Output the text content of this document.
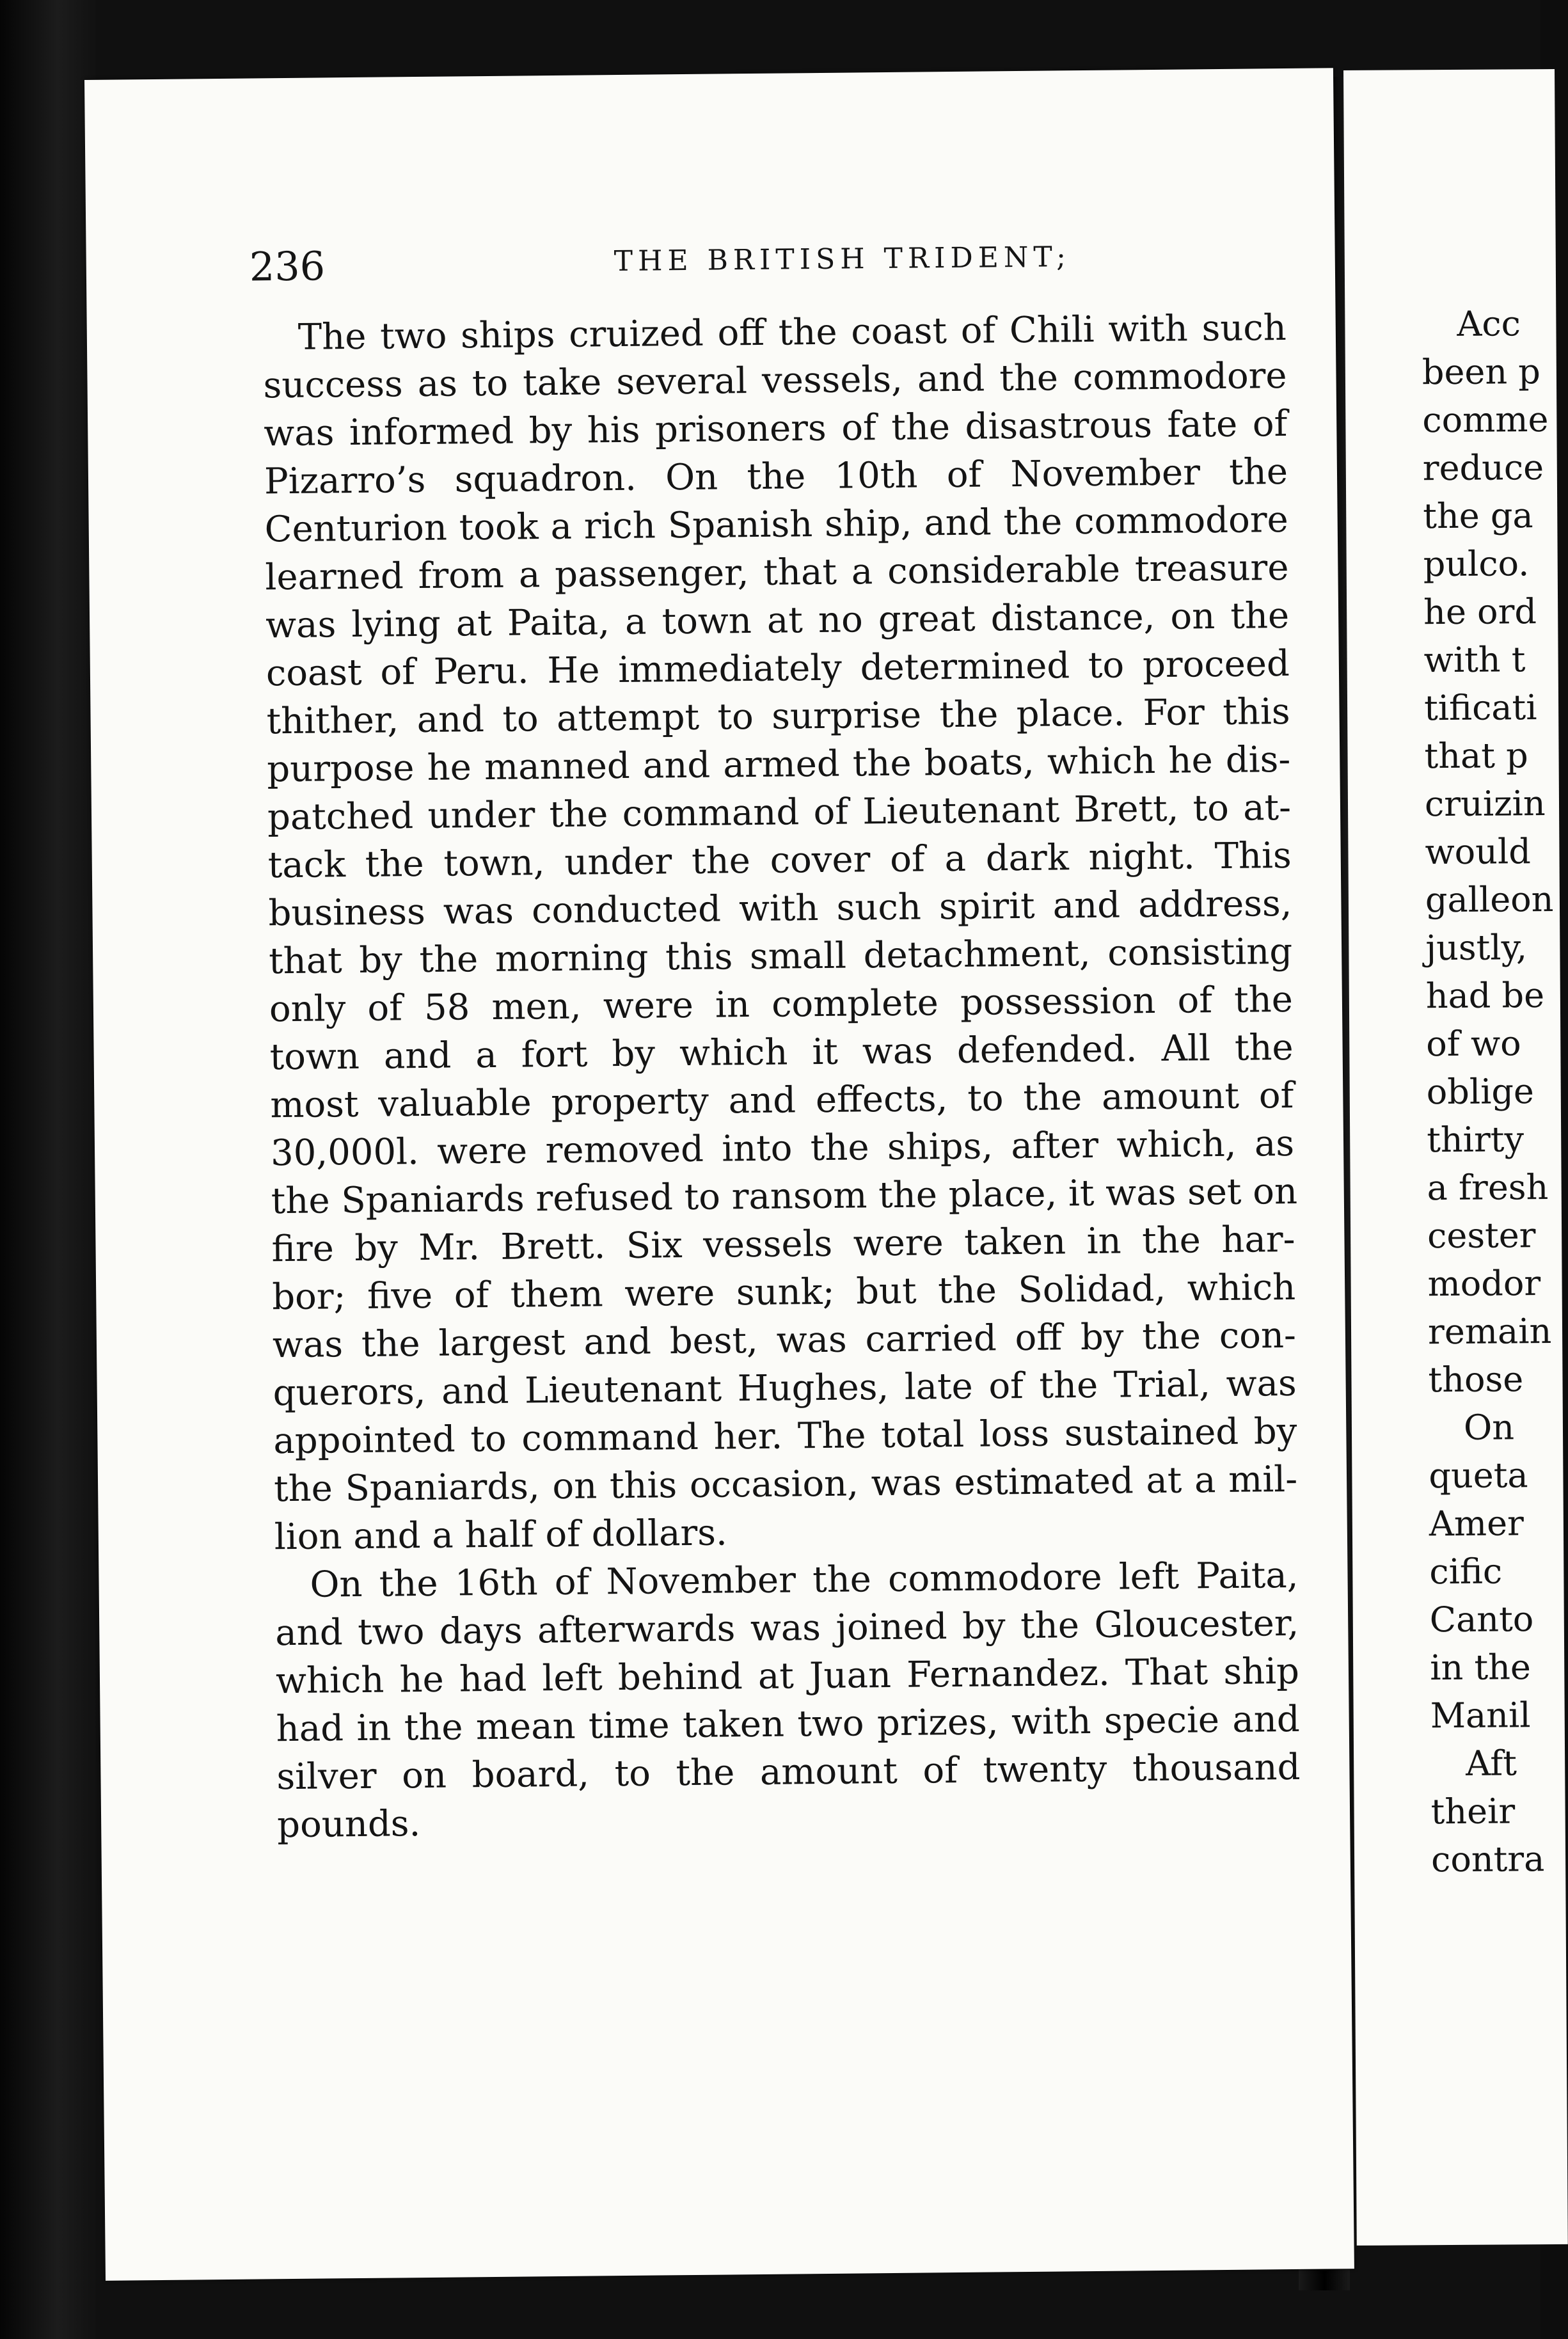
Acc
been p
comme
reduce
the ga
pulco.
he ord
with t
tificati
that p
cruizin
would
galleon
justly,
had be
of wo
oblige
thirty
a fresh
cester
modor
remain
those
On
queta
Amer
cific
Canto
in the
Manil
Aft
their
contra
236	THE BRITISH TRIDENT;
The two ships cruized off the coast of Chili with such
success as to take several vessels, and the commodore
was informed by his prisoners of the disastrous fate of
Pizarro’s squadron. On the 10th of November the
Centurion took a rich Spanish ship, and the commodore
learned from a passenger, that a considerable treasure
was lying at Paita, a town at no great distance, on the
coast of Peru. He immediately determined to proceed
thither, and to attempt to surprise the place. For this
purpose he manned and armed the boats, which he dis-
patched under the command of Lieutenant Brett, to at-
tack the town, under the cover of a dark night. This
business was conducted with such spirit and address,
that by the morning this small detachment, consisting
only of 58 men, were in complete possession of the
town and a fort by which it was defended. All the
most valuable property and effects, to the amount of
30,000l. were removed into the ships, after which, as
the Spaniards refused to ransom the place, it was set on
fire by Mr. Brett. Six vessels were taken in the har-
bor; five of them were sunk; but the Solidad, which
was the largest and best, was carried off by the con-
querors, and Lieutenant Hughes, late of the Trial, was
appointed to command her. The total loss sustained by
the Spaniards, on this occasion, was estimated at a mil-
lion and a half of dollars.
On the 16th of November the commodore left Paita,
and two days afterwards was joined by the Gloucester,
which he had left behind at Juan Fernandez. That ship
had in the mean time taken two prizes, with specie and
silver on board, to the amount of twenty thousand
pounds.
